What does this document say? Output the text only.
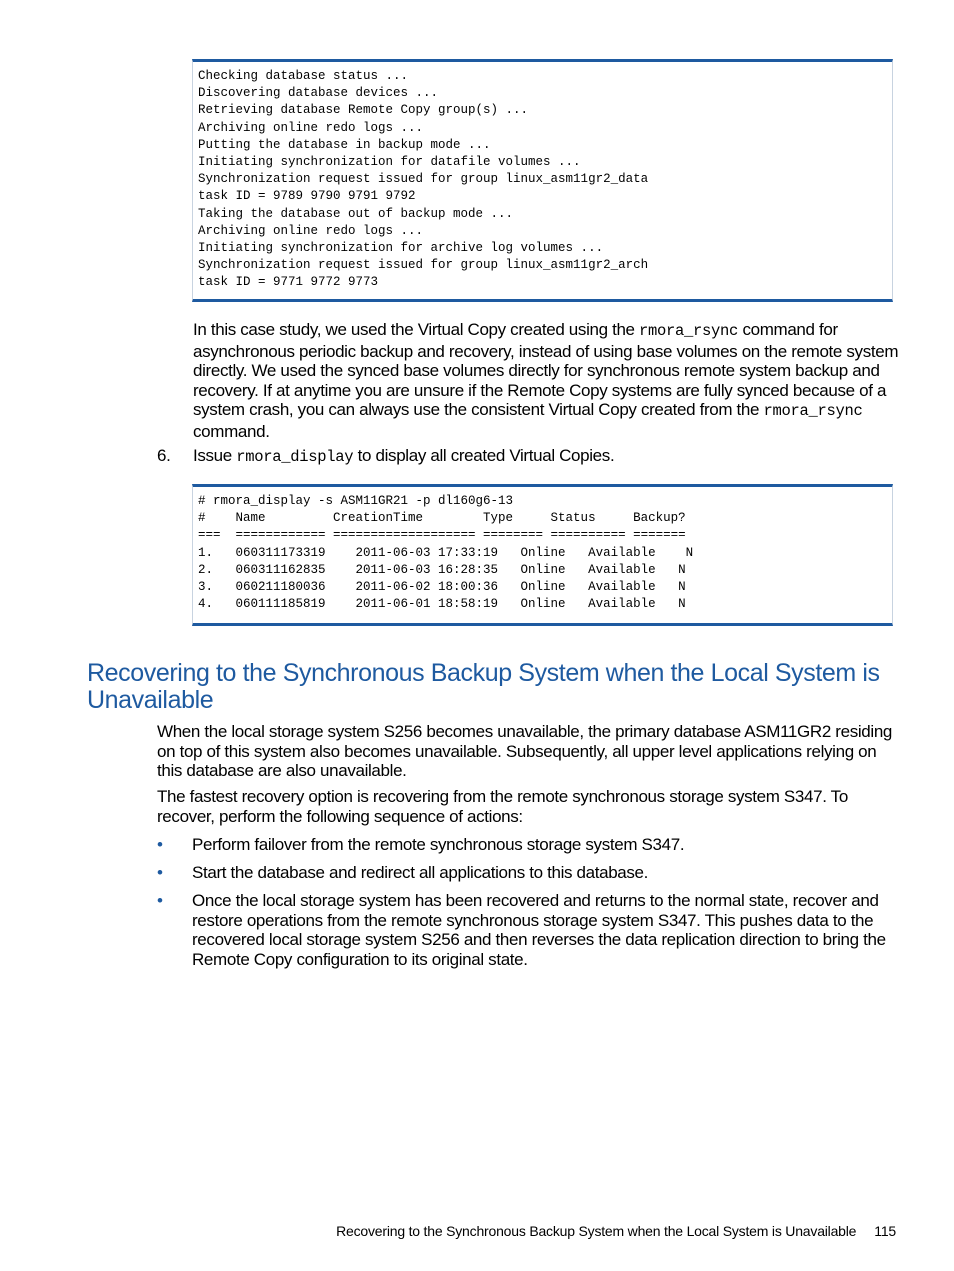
Checking database status ...
Discovering database devices ...
Retrieving database Remote Copy group(s) ...
Archiving online redo logs ...
Putting the database in backup mode ...
Initiating synchronization for datafile volumes ...
Synchronization request issued for group linux_asm11gr2_data
task ID = 9789 9790 9791 9792
Taking the database out of backup mode ...
Archiving online redo logs ...
Initiating synchronization for archive log volumes ...
Synchronization request issued for group linux_asm11gr2_arch
task ID = 9771 9772 9773

In this case study, we used the Virtual Copy created using the rmora_rsync command for asynchronous periodic backup and recovery, instead of using base volumes on the remote system directly. We used the synced base volumes directly for synchronous remote system backup and recovery. If at anytime you are unsure if the Remote Copy systems are fully synced because of a system crash, you can always use the consistent Virtual Copy created from the rmora_rsync command.

6. Issue rmora_display to display all created Virtual Copies.

# rmora_display -s ASM11GR21 -p dl160g6-13
#    Name         CreationTime        Type     Status     Backup?
===  ============ =================== ======== ========== =======
1.   060311173319    2011-06-03 17:33:19   Online   Available    N
2.   060311162835    2011-06-03 16:28:35   Online   Available   N
3.   060211180036    2011-06-02 18:00:36   Online   Available   N
4.   060111185819    2011-06-01 18:58:19   Online   Available   N
Recovering to the Synchronous Backup System when the Local System is Unavailable

When the local storage system S256 becomes unavailable, the primary database ASM11GR2 residing on top of this system also becomes unavailable. Subsequently, all upper level applications relying on this database are also unavailable.

The fastest recovery option is recovering from the remote synchronous storage system S347. To recover, perform the following sequence of actions:

• Perform failover from the remote synchronous storage system S347.

• Start the database and redirect all applications to this database.

• Once the local storage system has been recovered and returns to the normal state, recover and restore operations from the remote synchronous storage system S347. This pushes data to the recovered local storage system S256 and then reverses the data replication direction to bring the Remote Copy configuration to its original state.

Recovering to the Synchronous Backup System when the Local System is Unavailable 115
